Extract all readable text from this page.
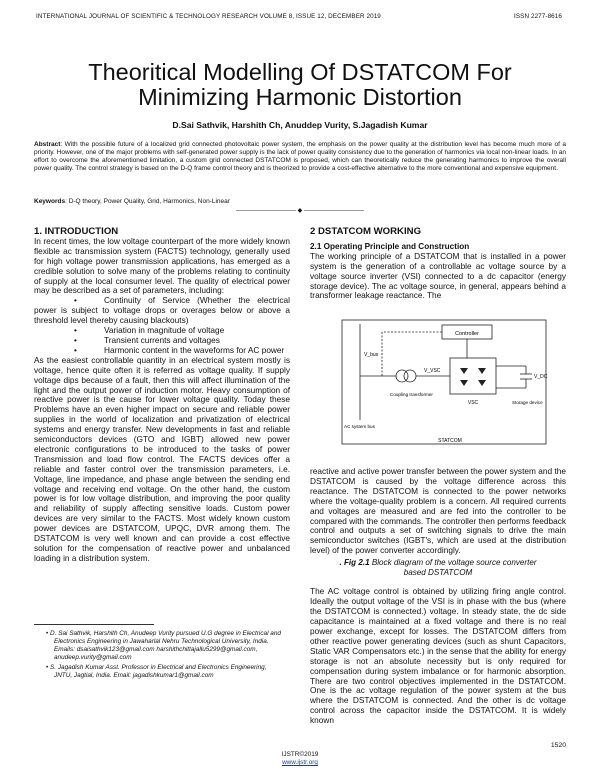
INTERNATIONAL JOURNAL OF SCIENTIFIC & TECHNOLOGY RESEARCH VOLUME 8, ISSUE 12, DECEMBER 2019	ISSN 2277-8616
Theoritical Modelling Of DSTATCOM For Minimizing Harmonic Distortion
D.Sai Sathvik, Harshith Ch, Anuddep Vurity, S.Jagadish Kumar
Abstract: With the possible future of a localized grid connected photovoltaic power system, the emphasis on the power quality at the distribution level has become much more of a priority. However, one of the major problems with self-generated power supply is the lack of power quality consistency due to the generation of harmonics via local non-linear loads. In an effort to overcome the aforementioned limitation, a custom grid connected DSTATCOM is proposed, which can theoretically reduce the generating harmonics to improve the overall power quality. The control strategy is based on the D-Q frame control theory and is theorized to provide a cost-effective alternative to the more conventional and expensive equipment.
Keywords: D-Q theory, Power Quality, Grid, Harmonics, Non-Linear
—————————— ◆ ——————————
1. INTRODUCTION

In recent times, the low voltage counterpart of the more widely known flexible ac transmission system (FACTS) technology, generally used for high voltage power transmission applications, has emerged as a credible solution to solve many of the problems relating to continuity of supply at the local consumer level. The quality of electrical power may be described as a set of parameters, including:

•	Continuity of Service (Whether the electrical power is subject to voltage drops or overages below or above a threshold level thereby causing blackouts)
•	Variation in magnitude of voltage
•	Transient currents and voltages
•	Harmonic content in the waveforms for AC power

As the easiest controllable quantity in an electrical system mostly is voltage, hence quite often it is referred as voltage quality. If supply voltage dips because of a fault, then this will affect illumination of the light and the output power of induction motor. Heavy consumption of reactive power is the cause for lower voltage quality. Today these Problems have an even higher impact on secure and reliable power supplies in the world of localization and privatization of electrical systems and energy transfer. New developments in fast and reliable semiconductors devices (GTO and IGBT) allowed new power electronic configurations to be introduced to the tasks of power Transmission and load flow control. The FACTS devices offer a reliable and faster control over the transmission parameters, i.e. Voltage, line impedance, and phase angle between the sending end voltage and receiving end voltage. On the other hand, the custom power is for low voltage distribution, and improving the poor quality and reliability of supply affecting sensitive loads. Custom power devices are very similar to the FACTS. Most widely known custom power devices are DSTATCOM, UPQC, DVR among them. The DSTATCOM is very well known and can provide a cost effective solution for the compensation of reactive power and unbalanced loading in a distribution system.

• D. Sai Sathvik, Harshith Ch, Anudeep Vurity pursued U.G degree in Electrical and Electronics Engineering in Jawaharlal Nehru Technological University, India. Emails: dsaisathvik123@gmail.com harshithchittajallu5299@gmail.com, anudeep.vurity@gmail.com

• S. Jagadish Kumar Asst. Professor in Electrical and Electronics Engineering, JNTU, Jagtial, India. Email: jagadishkumar1@gmail.com

2 DSTATCOM WORKING
2.1 Operating Principle and Construction

The working principle of a DSTATCOM that is installed in a power system is the generation of a controllable ac voltage source by a voltage source inverter (VSI) connected to a dc capacitor (energy storage device). The ac voltage source, in general, appears behind a transformer leakage reactance. The

Controller
V_bus
V_VSC
V_DC
Coupling transformer
VSC	Storage device
AC system bus
STATCOM

reactive and active power transfer between the power system and the DSTATCOM is caused by the voltage difference across this reactance. The DSTATCOM is connected to the power networks where the voltage-quality problem is a concern. All required currents and voltages are measured and are fed into the controller to be compared with the commands. The controller then performs feedback control and outputs a set of switching signals to drive the main semiconductor switches (IGBT's, which are used at the distribution level) of the power converter accordingly.

. Fig 2.1 Block diagram of the voltage source converter based DSTATCOM

The AC voltage control is obtained by utilizing firing angle control. Ideally the output voltage of the VSI is in phase with the bus (where the DSTATCOM is connected.) voltage. In steady state, the dc side capacitance is maintained at a fixed voltage and there is no real power exchange, except for losses. The DSTATCOM differs from other reactive power generating devices (such as shunt Capacitors, Static VAR Compensators etc.) in the sense that the ability for energy storage is not an absolute necessity but is only required for compensation during system imbalance or for harmonic absorption. There are two control objectives implemented in the DSTATCOM. One is the ac voltage regulation of the power system at the bus where the DSTATCOM is connected. And the other is dc voltage control across the capacitor inside the DSTATCOM. It is widely known

1520
IJSTR©2019
www.ijstr.org
